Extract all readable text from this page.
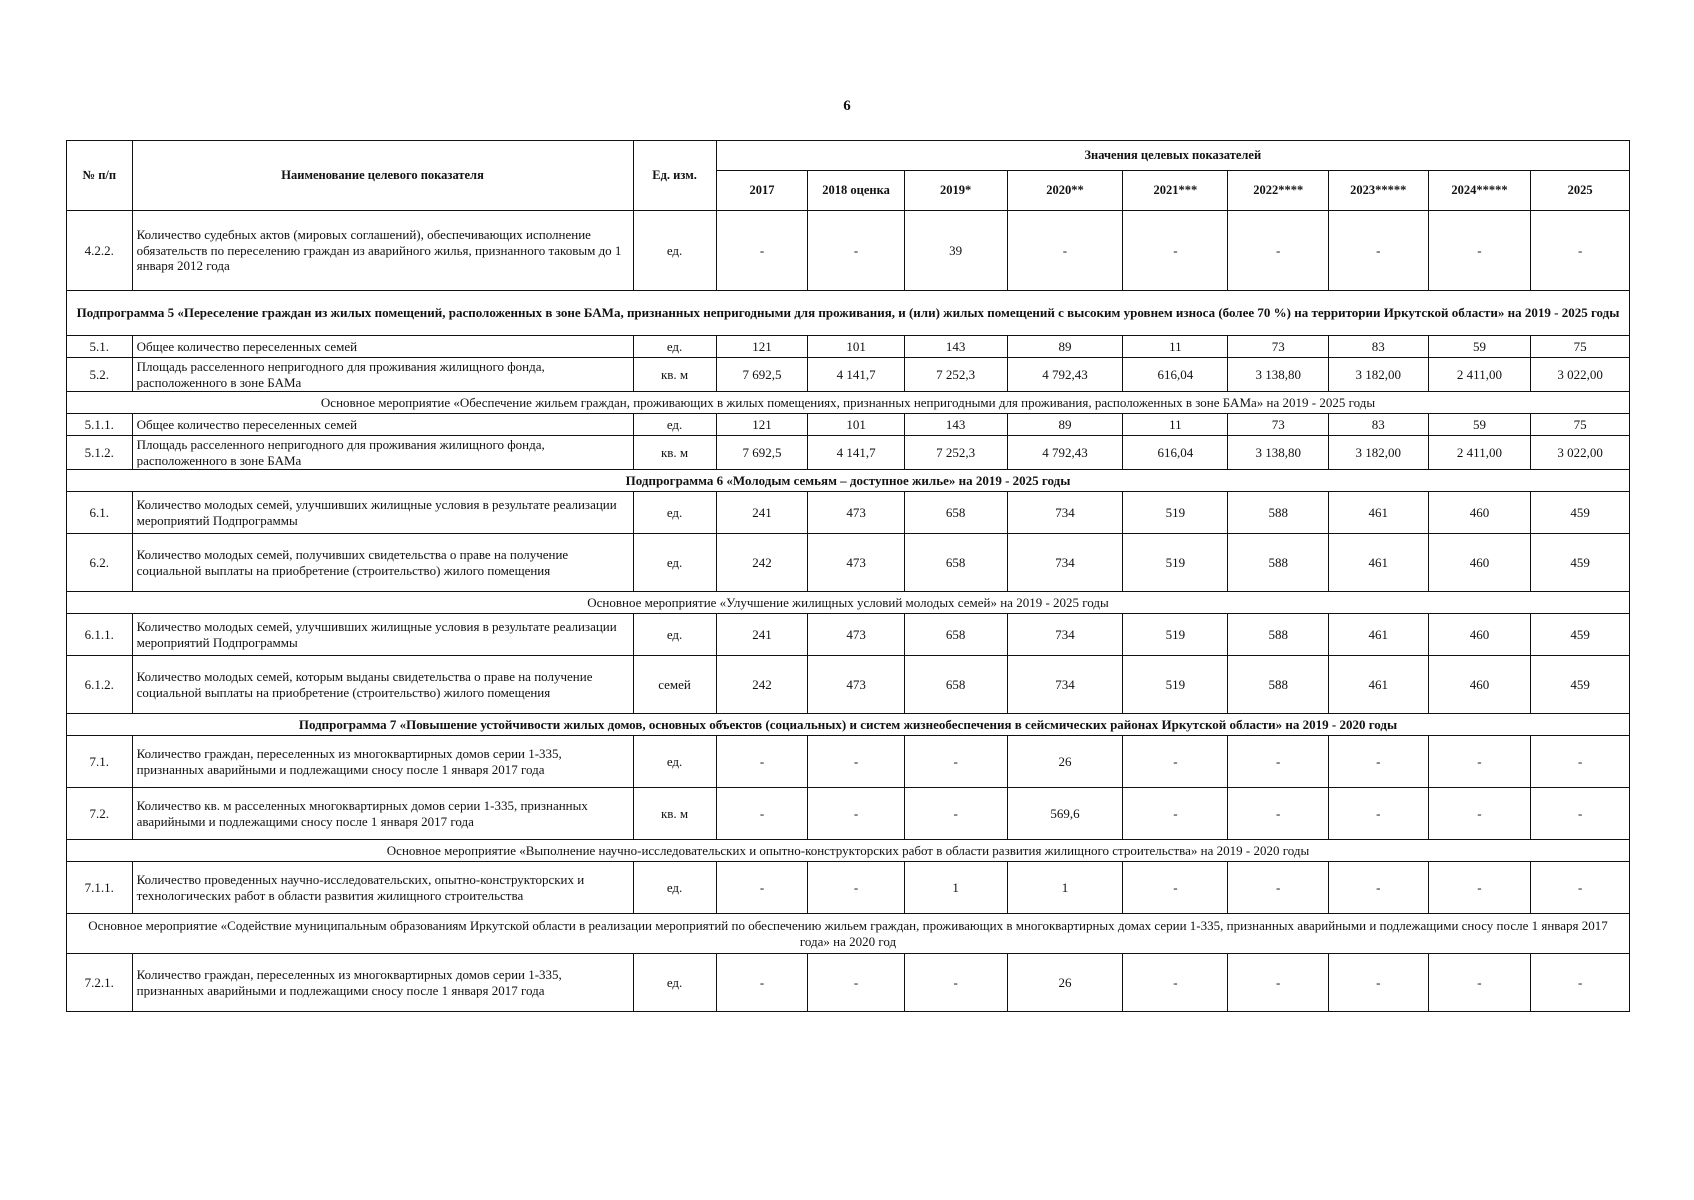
6
№ п/п	Наименование целевого показателя	Ед. изм.	Значения целевых показателей								
			2017	2018 оценка	2019*	2020**	2021***	2022****	2023*****	2024*****	2025
4.2.2.	Количество судебных актов (мировых соглашений), обеспечивающих исполнение обязательств по переселению граждан из аварийного жилья, признанного таковым до 1 января 2012 года	ед.	-	-	39	-	-	-	-	-	-
Подпрограмма 5 «Переселение граждан из жилых помещений, расположенных в зоне БАМа, признанных непригодными для проживания, и (или) жилых помещений с высоким уровнем износа (более 70 %) на территории Иркутской области» на 2019 - 2025 годы											
5.1.	Общее количество переселенных семей	ед.	121	101	143	89	11	73	83	59	75
5.2.	Площадь расселенного непригодного для проживания жилищного фонда, расположенного в зоне БАМа	кв. м	7 692,5	4 141,7	7 252,3	4 792,43	616,04	3 138,80	3 182,00	2 411,00	3 022,00
Основное мероприятие «Обеспечение жильем граждан, проживающих в жилых помещениях, признанных непригодными для проживания, расположенных в зоне БАМа» на 2019 - 2025 годы											
5.1.1.	Общее количество переселенных семей	ед.	121	101	143	89	11	73	83	59	75
5.1.2.	Площадь расселенного непригодного для проживания жилищного фонда, расположенного в зоне БАМа	кв. м	7 692,5	4 141,7	7 252,3	4 792,43	616,04	3 138,80	3 182,00	2 411,00	3 022,00
Подпрограмма 6 «Молодым семьям – доступное жилье» на 2019 - 2025 годы											
6.1.	Количество молодых семей, улучшивших жилищные условия в результате реализации мероприятий Подпрограммы	ед.	241	473	658	734	519	588	461	460	459
6.2.	Количество молодых семей, получивших свидетельства о праве на получение социальной выплаты на приобретение (строительство) жилого помещения	ед.	242	473	658	734	519	588	461	460	459
Основное мероприятие «Улучшение жилищных условий молодых семей» на 2019 - 2025 годы											
6.1.1.	Количество молодых семей, улучшивших жилищные условия в результате реализации мероприятий Подпрограммы	ед.	241	473	658	734	519	588	461	460	459
6.1.2.	Количество молодых семей, которым выданы свидетельства о праве на получение социальной выплаты на приобретение (строительство) жилого помещения	семей	242	473	658	734	519	588	461	460	459
Подпрограмма 7 «Повышение устойчивости жилых домов, основных объектов (социальных) и систем жизнеобеспечения в сейсмических районах Иркутской области» на 2019 - 2020 годы											
7.1.	Количество граждан, переселенных из многоквартирных домов серии 1-335, признанных аварийными и подлежащими сносу после 1 января 2017 года	ед.	-	-	-	26	-	-	-	-	-
7.2.	Количество кв. м расселенных многоквартирных домов серии 1-335, признанных аварийными и подлежащими сносу после 1 января 2017 года	кв. м	-	-	-	569,6	-	-	-	-	-
Основное мероприятие «Выполнение научно-исследовательских и опытно-конструкторских работ в области развития жилищного строительства» на 2019 - 2020 годы											
7.1.1.	Количество проведенных научно-исследовательских, опытно-конструкторских и технологических работ в области развития жилищного строительства	ед.	-	-	1	1	-	-	-	-	-
Основное мероприятие «Содействие муниципальным образованиям Иркутской области в реализации мероприятий по обеспечению жильем граждан, проживающих в многоквартирных домах серии 1-335, признанных аварийными и подлежащими сносу после 1 января 2017 года» на 2020 год											
7.2.1.	Количество граждан, переселенных из многоквартирных домов серии 1-335, признанных аварийными и подлежащими сносу после 1 января 2017 года	ед.	-	-	-	26	-	-	-	-	-
